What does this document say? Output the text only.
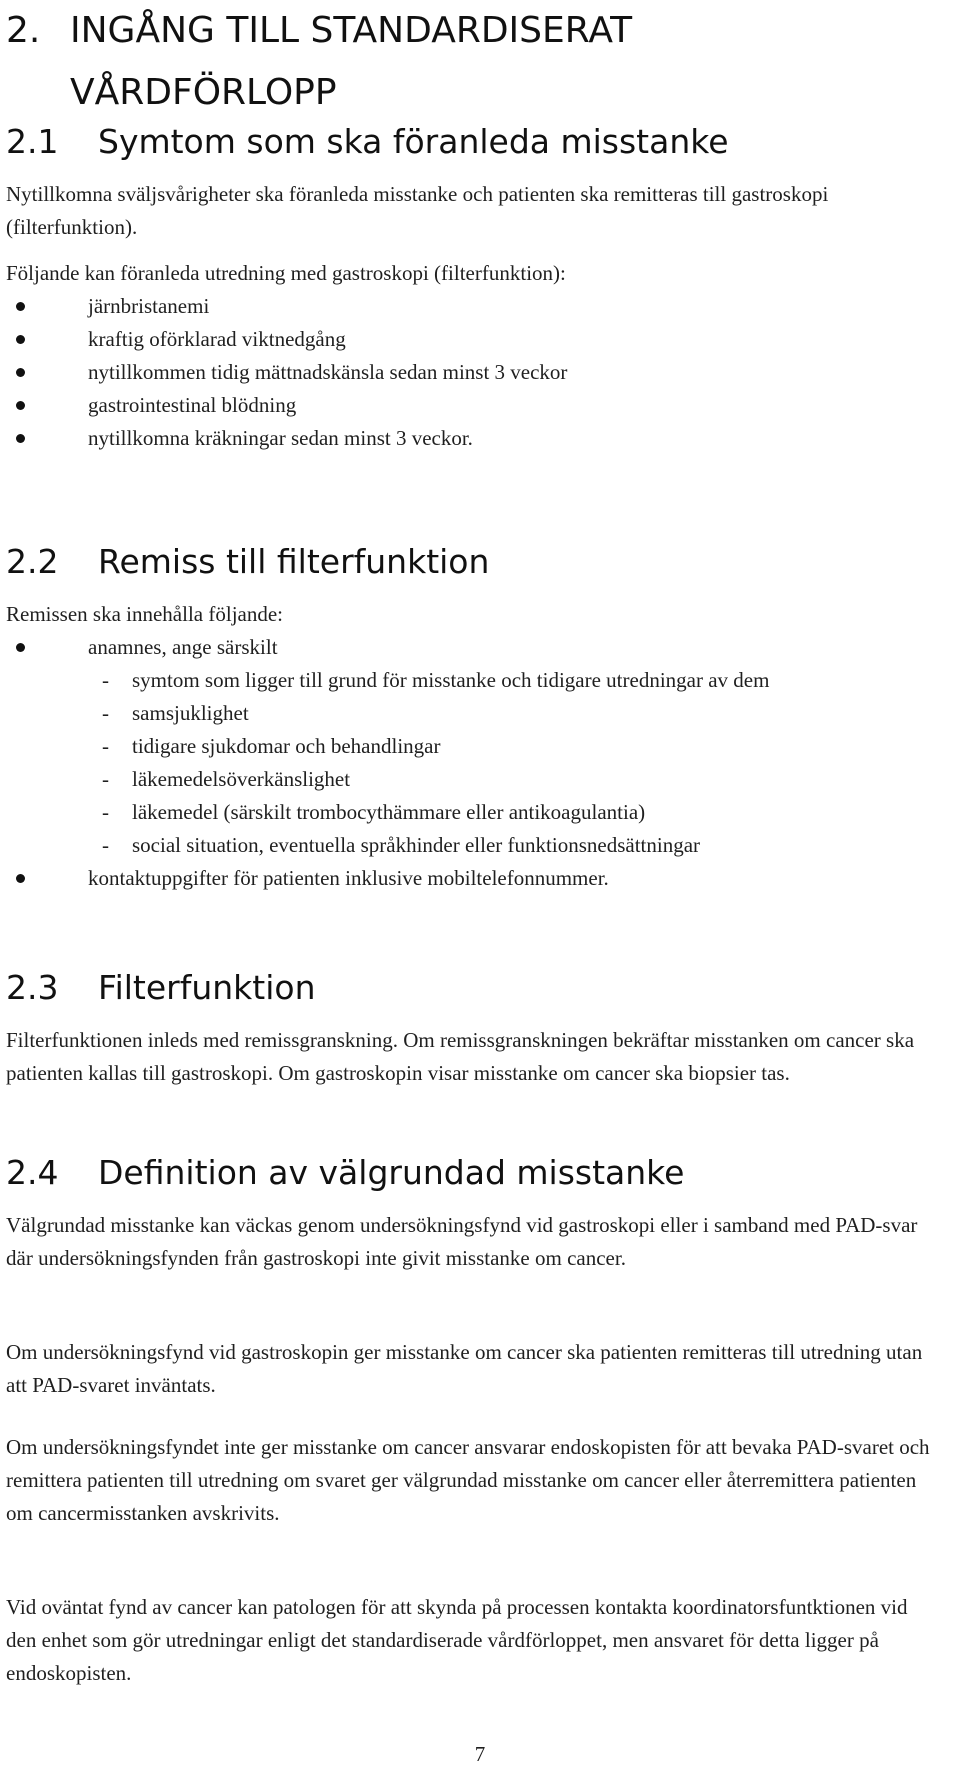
2. INGÅNG TILL STANDARDISERAT
VÅRDFÖRLOPP
2.1 Symtom som ska föranleda misstanke

Nytillkomna sväljsvårigheter ska föranleda misstanke och patienten ska remitteras till gastroskopi (filterfunktion).

Följande kan föranleda utredning med gastroskopi (filterfunktion):

järnbristanemi
kraftig oförklarad viktnedgång
nytillkommen tidig mättnadskänsla sedan minst 3 veckor
gastrointestinal blödning
nytillkomna kräkningar sedan minst 3 veckor.
2.2 Remiss till filterfunktion

Remissen ska innehålla följande:

anamnes, ange särskilt
- symtom som ligger till grund för misstanke och tidigare utredningar av dem
- samsjuklighet
- tidigare sjukdomar och behandlingar
- läkemedelsöverkänslighet
- läkemedel (särskilt trombocythämmare eller antikoagulantia)
- social situation, eventuella språkhinder eller funktionsnedsättningar
kontaktuppgifter för patienten inklusive mobiltelefonnummer.
2.3 Filterfunktion

Filterfunktionen inleds med remissgranskning. Om remissgranskningen bekräftar misstanken om cancer ska patienten kallas till gastroskopi. Om gastroskopin visar misstanke om cancer ska biopsier tas.

2.4 Definition av välgrundad misstanke

Välgrundad misstanke kan väckas genom undersökningsfynd vid gastroskopi eller i samband med PAD-svar där undersökningsfynden från gastroskopi inte givit misstanke om cancer.

Om undersökningsfynd vid gastroskopin ger misstanke om cancer ska patienten remitteras till utredning utan att PAD-svaret inväntats.

Om undersökningsfyndet inte ger misstanke om cancer ansvarar endoskopisten för att bevaka PAD-svaret och remittera patienten till utredning om svaret ger välgrundad misstanke om cancer eller återremittera patienten om cancermisstanken avskrivits.

Vid oväntat fynd av cancer kan patologen för att skynda på processen kontakta koordinatorsfuntktionen vid den enhet som gör utredningar enligt det standardiserade vårdförloppet, men ansvaret för detta ligger på endoskopisten.

7
